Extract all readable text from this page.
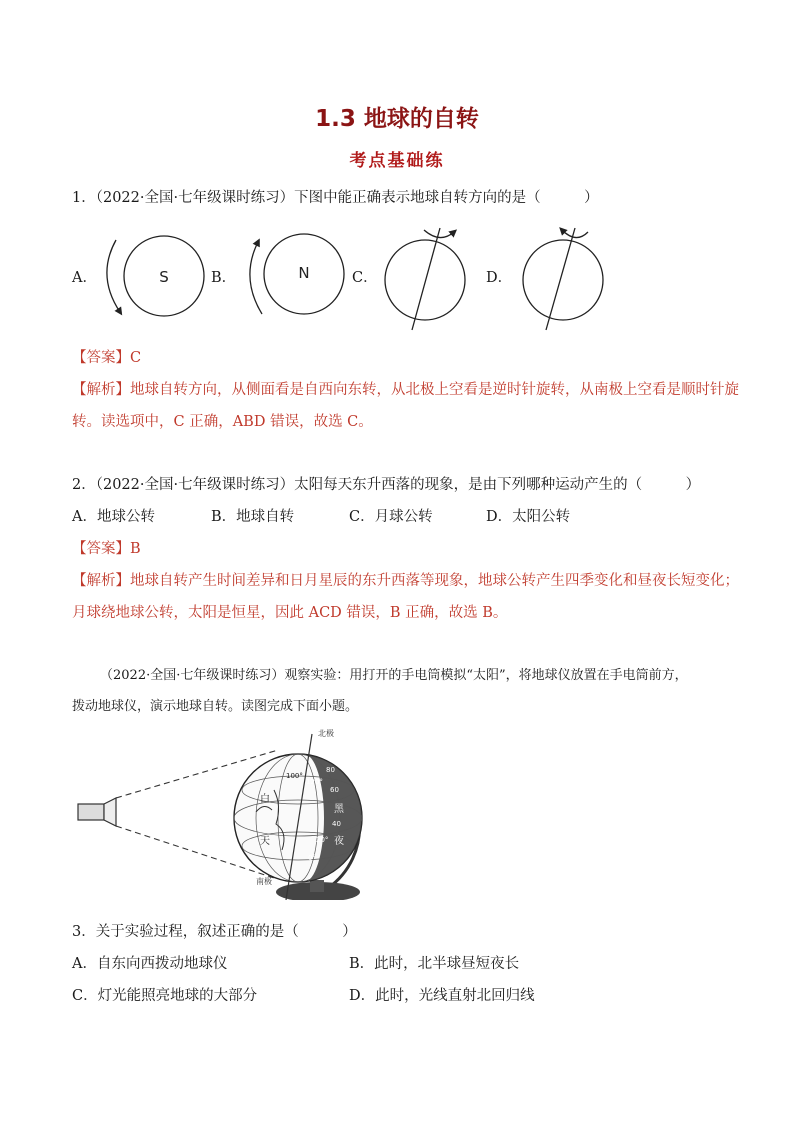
1.3 地球的自转
考点基础练
1．（2022·全国·七年级课时练习）下图中能正确表示地球自转方向的是（　　　）
A．	B．	C．	D．
S	N
【答案】C
【解析】地球自转方向，从侧面看是自西向东转，从北极上空看是逆时针旋转，从南极上空看是顺时针旋
转。读选项中，C 正确，ABD 错误，故选 C。
2．（2022·全国·七年级课时练习）太阳每天东升西落的现象，是由下列哪种运动产生的（　　　）
A．地球公转	B．地球自转	C．月球公转	D．太阳公转
【答案】B
【解析】地球自转产生时间差异和日月星辰的东升西落等现象，地球公转产生四季变化和昼夜长短变化；
月球绕地球公转，太阳是恒星，因此 ACD 错误，B 正确，故选 B。
（2022·全国·七年级课时练习）观察实验：用打开的手电筒模拟“太阳”，将地球仪放置在手电筒前方，
拨动地球仪，演示地球自转。读图完成下面小题。
北极
南极
白
天
黑
夜
100°
120°
80
60
40
20°
0°
3．关于实验过程，叙述正确的是（　　　）
A．自东向西拨动地球仪	B．此时，北半球昼短夜长
C．灯光能照亮地球的大部分	D．此时，光线直射北回归线
